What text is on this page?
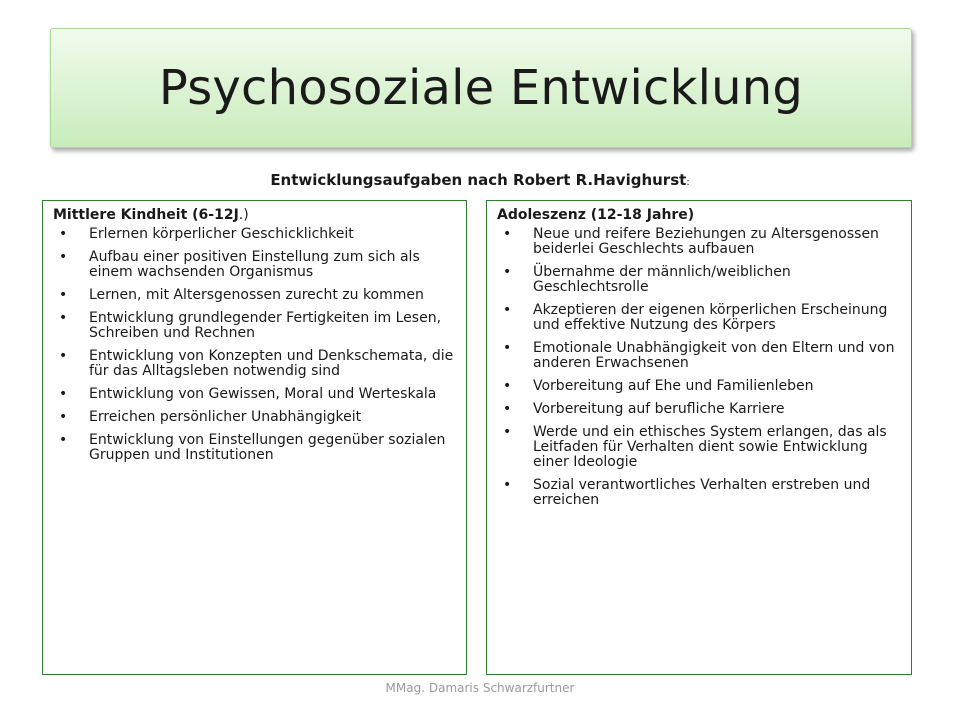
Psychosoziale Entwicklung
Entwicklungsaufgaben nach Robert R.Havighurst:
Mittlere Kindheit (6-12J.)
• Erlernen körperlicher Geschicklichkeit
• Aufbau einer positiven Einstellung zum sich als einem wachsenden Organismus
• Lernen, mit Altersgenossen zurecht zu kommen
• Entwicklung grundlegender Fertigkeiten im Lesen, Schreiben und Rechnen
• Entwicklung von Konzepten und Denkschemata, die für das Alltagsleben notwendig sind
• Entwicklung von Gewissen, Moral und Werteskala
• Erreichen persönlicher Unabhängigkeit
• Entwicklung von Einstellungen gegenüber sozialen Gruppen und Institutionen
Adoleszenz (12-18 Jahre)
• Neue und reifere Beziehungen zu Altersgenossen beiderlei Geschlechts aufbauen
• Übernahme der männlich/weiblichen Geschlechtsrolle
• Akzeptieren der eigenen körperlichen Erscheinung und effektive Nutzung des Körpers
• Emotionale Unabhängigkeit von den Eltern und von anderen Erwachsenen
• Vorbereitung auf Ehe und Familienleben
• Vorbereitung auf berufliche Karriere
• Werde und ein ethisches System erlangen, das als Leitfaden für Verhalten dient sowie Entwicklung einer Ideologie
• Sozial verantwortliches Verhalten erstreben und erreichen
MMag. Damaris Schwarzfurtner
